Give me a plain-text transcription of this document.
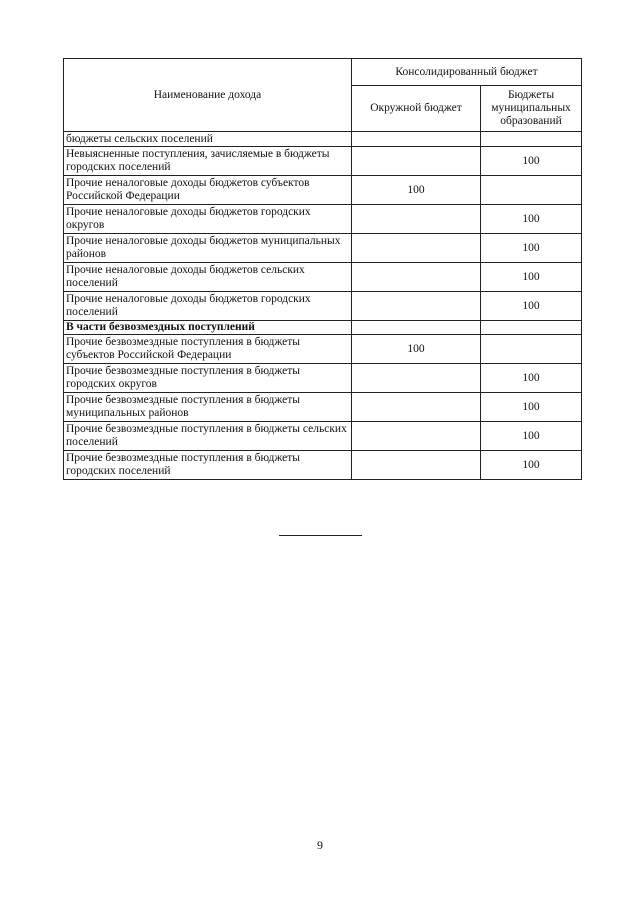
Наименование дохода	Консолидированный бюджет	
	Окружной бюджет	Бюджеты муниципальных образований
бюджеты сельских поселений		
Невыясненные поступления, зачисляемые в бюджеты городских поселений		100
Прочие неналоговые доходы бюджетов субъектов Российской Федерации	100	
Прочие неналоговые доходы бюджетов городских округов		100
Прочие неналоговые доходы бюджетов муниципальных районов		100
Прочие неналоговые доходы бюджетов сельских поселений		100
Прочие неналоговые доходы бюджетов городских поселений		100
В части безвозмездных поступлений		
Прочие безвозмездные поступления в бюджеты субъектов Российской Федерации	100	
Прочие безвозмездные поступления в бюджеты городских округов		100
Прочие безвозмездные поступления в бюджеты муниципальных районов		100
Прочие безвозмездные поступления в бюджеты сельских поселений		100
Прочие безвозмездные поступления в бюджеты городских поселений		100
9
